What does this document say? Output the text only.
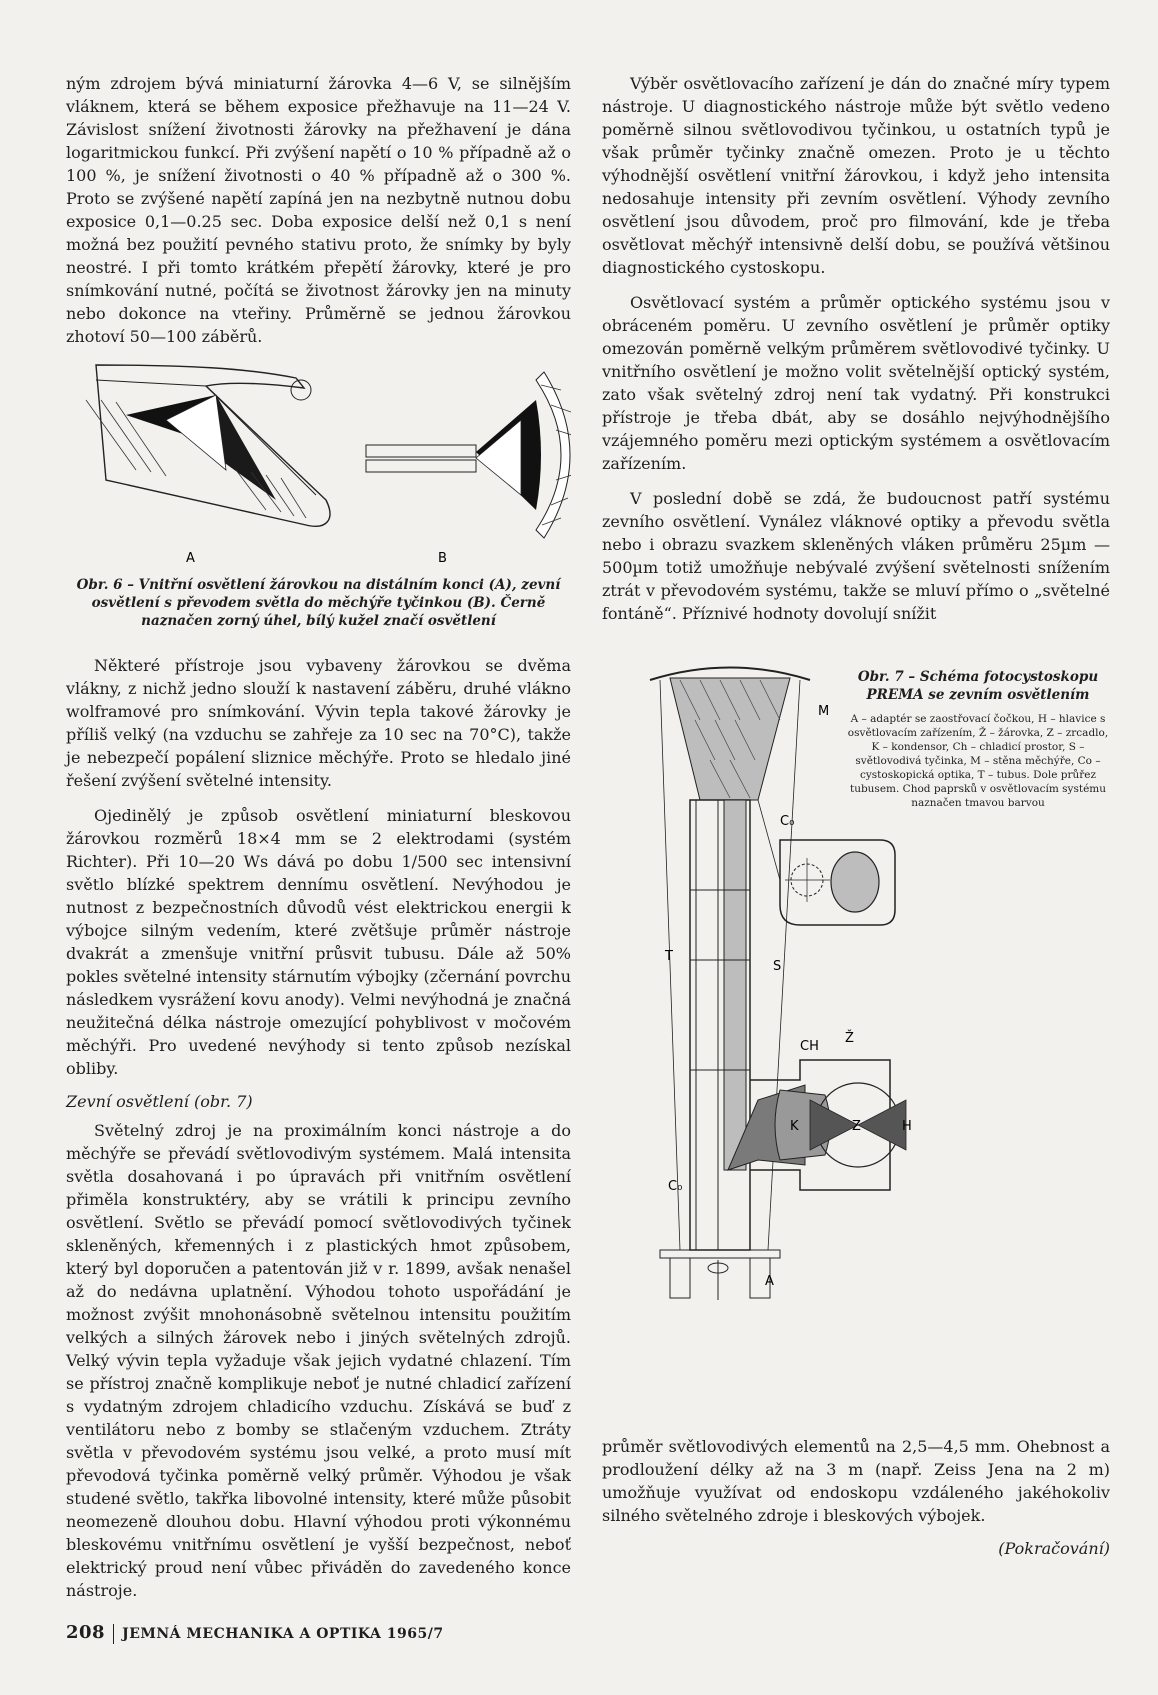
ným zdrojem bývá miniaturní žárovka 4—6 V, se silnějším vláknem, která se během exposice přežhavuje na 11—24 V. Závislost snížení životnosti žárovky na přežhavení je dána logaritmickou funkcí. Při zvýšení napětí o 10 % případně až o 100 %, je snížení životnosti o 40 % případně až o 300 %. Proto se zvýšené napětí zapíná jen na nezbytně nutnou dobu exposice 0,1—0.25 sec. Doba exposice delší než 0,1 s není možná bez použití pevného stativu proto, že snímky by byly neostré. I při tomto krátkém přepětí žárovky, které je pro snímkování nutné, počítá se životnost žárovky jen na minuty nebo dokonce na vteřiny. Průměrně se jednou žárovkou zhotoví 50—100 záběrů.

A	B
Obr. 6 – Vnitřní osvětlení žárovkou na distálním konci (A), zevní osvětlení s převodem světla do měchýře tyčinkou (B). Černě naznačen zorný úhel, bílý kužel značí osvětlení

Některé přístroje jsou vybaveny žárovkou se dvěma vlákny, z nichž jedno slouží k nastavení záběru, druhé vlákno wolframové pro snímkování. Vývin tepla takové žárovky je příliš velký (na vzduchu se zahřeje za 10 sec na 70°C), takže je nebezpečí popálení sliznice měchýře. Proto se hledalo jiné řešení zvýšení světelné intensity.

Ojedinělý je způsob osvětlení miniaturní bleskovou žárovkou rozměrů 18×4 mm se 2 elektrodami (systém Richter). Při 10—20 Ws dává po dobu 1/500 sec intensivní světlo blízké spektrem dennímu osvětlení. Nevýhodou je nutnost z bezpečnostních důvodů vést elektrickou energii k výbojce silným vedením, které zvětšuje průměr nástroje dvakrát a zmenšuje vnitřní průsvit tubusu. Dále až 50% pokles světelné intensity stárnutím výbojky (zčernání povrchu následkem vysrážení kovu anody). Velmi nevýhodná je značná neužitečná délka nástroje omezující pohyblivost v močovém měchýři. Pro uvedené nevýhody si tento způsob nezískal obliby.

Zevní osvětlení (obr. 7)

Světelný zdroj je na proximálním konci nástroje a do měchýře se převádí světlovodivým systémem. Malá intensita světla dosahovaná i po úpravách při vnitřním osvětlení přiměla konstruktéry, aby se vrátili k principu zevního osvětlení. Světlo se převádí pomocí světlovodivých tyčinek skleněných, křemenných i z plastických hmot způsobem, který byl doporučen a patentován již v r. 1899, avšak nenašel až do nedávna uplatnění. Výhodou tohoto uspořádání je možnost zvýšit mnohonásobně světelnou intensitu použitím velkých a silných žárovek nebo i jiných světelných zdrojů. Velký vývin tepla vyžaduje však jejich vydatné chlazení. Tím se přístroj značně komplikuje neboť je nutné chladicí zařízení s vydatným zdrojem chladicího vzduchu. Získává se buď z ventilátoru nebo z bomby se stlačeným vzduchem. Ztráty světla v převodovém systému jsou velké, a proto musí mít převodová tyčinka poměrně velký průměr. Výhodou je však studené světlo, takřka libovolné intensity, které může působit neomezeně dlouhou dobu. Hlavní výhodou proti výkonnému bleskovému vnitřnímu osvětlení je vyšší bezpečnost, neboť elektrický proud není vůbec přiváděn do zavedeného konce nástroje.

Výběr osvětlovacího zařízení je dán do značné míry typem nástroje. U diagnostického nástroje může být světlo vedeno poměrně silnou světlovodivou tyčinkou, u ostatních typů je však průměr tyčinky značně omezen. Proto je u těchto výhodnější osvětlení vnitřní žárovkou, i když jeho intensita nedosahuje intensity při zevním osvětlení. Výhody zevního osvětlení jsou důvodem, proč pro filmování, kde je třeba osvětlovat měchýř intensivně delší dobu, se používá většinou diagnostického cystoskopu.

Osvětlovací systém a průměr optického systému jsou v obráceném poměru. U zevního osvětlení je průměr optiky omezován poměrně velkým průměrem světlovodivé tyčinky. U vnitřního osvětlení je možno volit světelnější optický systém, zato však světelný zdroj není tak vydatný. Při konstrukci přístroje je třeba dbát, aby se dosáhlo nejvýhodnějšího vzájemného poměru mezi optickým systémem a osvětlovacím zařízením.

V poslední době se zdá, že budoucnost patří systému zevního osvětlení. Vynález vláknové optiky a převodu světla nebo i obrazu svazkem skleněných vláken průměru 25µm —500µm totiž umožňuje nebývalé zvýšení světelnosti snížením ztrát v převodovém systému, takže se mluví přímo o „světelné fontáně“. Příznivé hodnoty dovolují snížit

M
C₀
T
S
CH
Ž
Z
K	H
C₀
A

Obr. 7 – Schéma fotocystoskopu PREMA se zevním osvětlením

A – adaptér se zaostřovací čočkou, H – hlavice s osvětlovacím zařízením, Ž – žárovka, Z – zrcadlo, K – kondensor, Ch – chladicí prostor, S – světlovodivá tyčinka, M – stěna měchýře, Co – cystoskopická optika, T – tubus. Dole průřez tubusem. Chod paprsků v osvětlovacím systému naznačen tmavou barvou

průměr světlovodivých elementů na 2,5—4,5 mm. Ohebnost a prodloužení délky až na 3 m (např. Zeiss Jena na 2 m) umožňuje využívat od endoskopu vzdáleného jakéhokoliv silného světelného zdroje i bleskových výbojek.

(Pokračování)
208 JEMNÁ MECHANIKA A OPTIKA 1965/7
